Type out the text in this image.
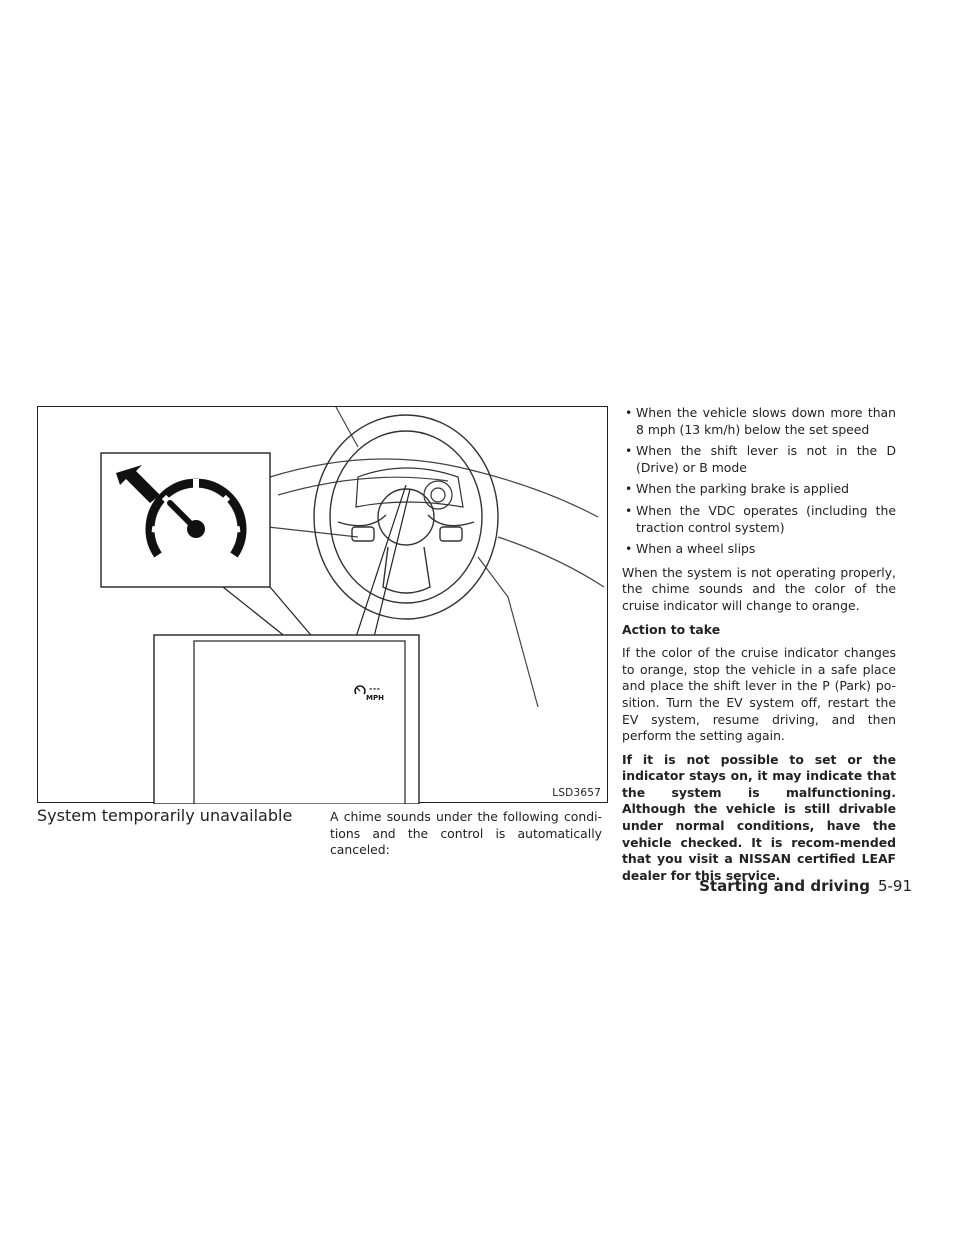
---
MPH
LSD3657
System temporarily unavailable	A chime sounds under the following condi-tions and the control is automatically canceled:

• When the vehicle slows down more than 8 mph (13 km/h) below the set speed
• When the shift lever is not in the D (Drive) or B mode
• When the parking brake is applied
• When the VDC operates (including the traction control system)
• When a wheel slips

When the system is not operating properly, the chime sounds and the color of the cruise indicator will change to orange.

Action to take

If the color of the cruise indicator changes to orange, stop the vehicle in a safe place and place the shift lever in the P (Park) po-sition. Turn the EV system off, restart the EV system, resume driving, and then perform the setting again.

If it is not possible to set or the indicator stays on, it may indicate that the system is malfunctioning. Although the vehicle is still drivable under normal conditions, have the vehicle checked. It is recom-mended that you visit a NISSAN certified LEAF dealer for this service.

Starting and driving 5-91
